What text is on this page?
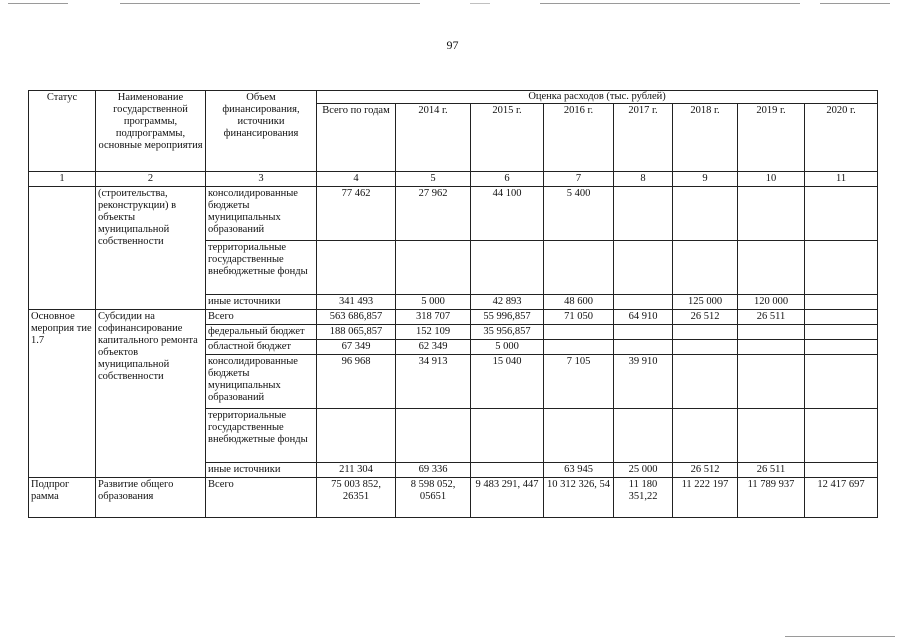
97
Статус	Наименование государственной программы, подпрограммы, основные мероприятия	Объем финансирования, источники финансирования	Оценка расходов (тыс. рублей)							
			Всего по годам	2014 г.	2015 г.	2016 г.	2017 г.	2018 г.	2019 г.	2020 г.
1	2	3	4	5	6	7	8	9	10	11
	(строительства, реконструкции) в объекты муниципальной собственности	консолидированные бюджеты муниципальных образований	77 462	27 962	44 100	5 400				
		территориальные государственные внебюджетные фонды								
		иные источники	341 493	5 000	42 893	48 600		125 000	120 000	
Основное мероприя тие 1.7	Субсидии на софинансирование капитального ремонта объектов муниципальной собственности	Всего	563 686,857	318 707	55 996,857	71 050	64 910	26 512	26 511	
		федеральный бюджет	188 065,857	152 109	35 956,857					
		областной бюджет	67 349	62 349	5 000					
		консолидированные бюджеты муниципальных образований	96 968	34 913	15 040	7 105	39 910			
		территориальные государственные внебюджетные фонды								
		иные источники	211 304	69 336		63 945	25 000	26 512	26 511	
Подпрог рамма	Развитие общего образования	Всего	75 003 852, 26351	8 598 052, 05651	9 483 291, 447	10 312 326, 54	11 180 351,22	11 222 197	11 789 937	12 417 697
